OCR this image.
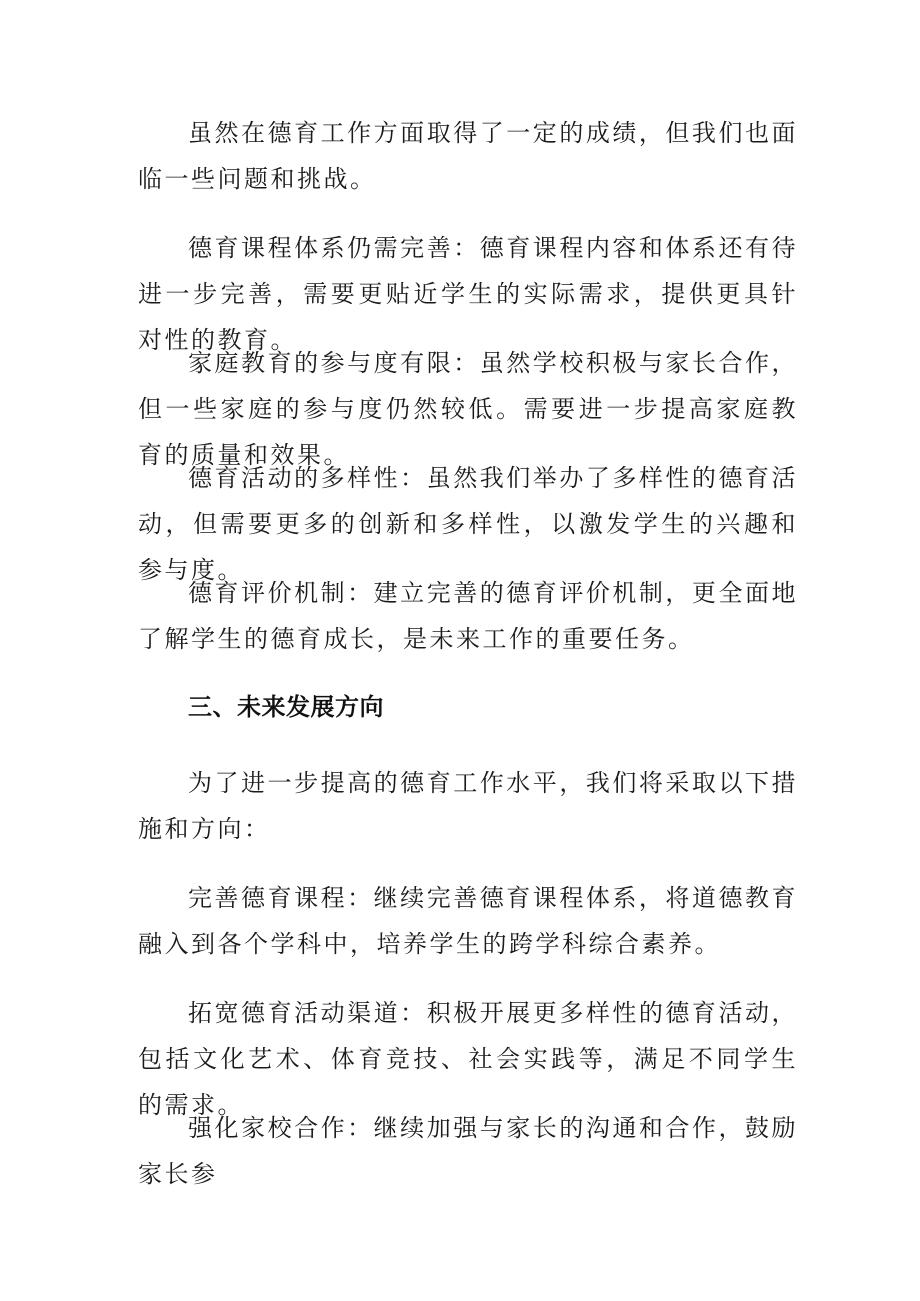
虽然在德育工作方面取得了一定的成绩，但我们也面临一些问题和挑战。

德育课程体系仍需完善：德育课程内容和体系还有待进一步完善，需要更贴近学生的实际需求，提供更具针对性的教育。

家庭教育的参与度有限：虽然学校积极与家长合作，但一些家庭的参与度仍然较低。需要进一步提高家庭教育的质量和效果。

德育活动的多样性：虽然我们举办了多样性的德育活动，但需要更多的创新和多样性，以激发学生的兴趣和参与度。

德育评价机制：建立完善的德育评价机制，更全面地了解学生的德育成长，是未来工作的重要任务。

三、未来发展方向

为了进一步提高的德育工作水平，我们将采取以下措施和方向：

完善德育课程：继续完善德育课程体系，将道德教育融入到各个学科中，培养学生的跨学科综合素养。

拓宽德育活动渠道：积极开展更多样性的德育活动，包括文化艺术、体育竞技、社会实践等，满足不同学生的需求。

强化家校合作：继续加强与家长的沟通和合作，鼓励家长参
